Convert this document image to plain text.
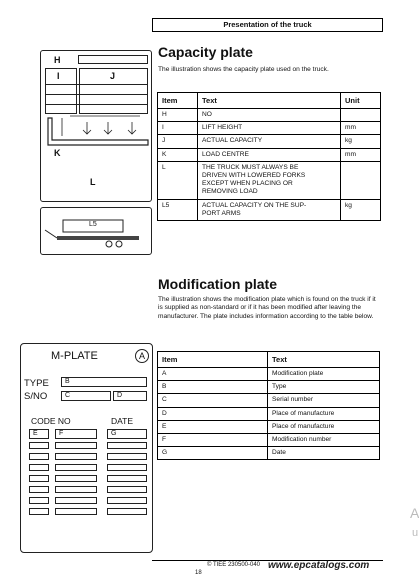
Presentation of the truck
H
I	J
K
L
L5
Capacity plate
The illustration shows the capacity plate used on the truck.
Item	Text	Unit
H	NO	
I	LIFT HEIGHT	mm
J	ACTUAL CAPACITY	kg
K	LOAD CENTRE	mm
L	THE TRUCK MUST ALWAYS BE DRIVEN WITH LOWERED FORKS EXCEPT WHEN PLACING OR REMOVING LOAD	
L5	ACTUAL CAPACITY ON THE SUP-PORT ARMS	kg
Modification plate
The illustration shows the modification plate which is found on the truck if it is supplied as non-standard or if it has been modified after leaving the manufacturer. The plate includes information according to the table below.
M-PLATE	A
TYPE	B
S/NO	C	D
CODE NO	DATE
E	F	G
Item	Text
A	Modification plate
B	Type
C	Serial number
D	Place of manufacture
E	Place of manufacture
F	Modification number
G	Date
© TIEE 230500-040
18
www.epcatalogs.com
A
u
